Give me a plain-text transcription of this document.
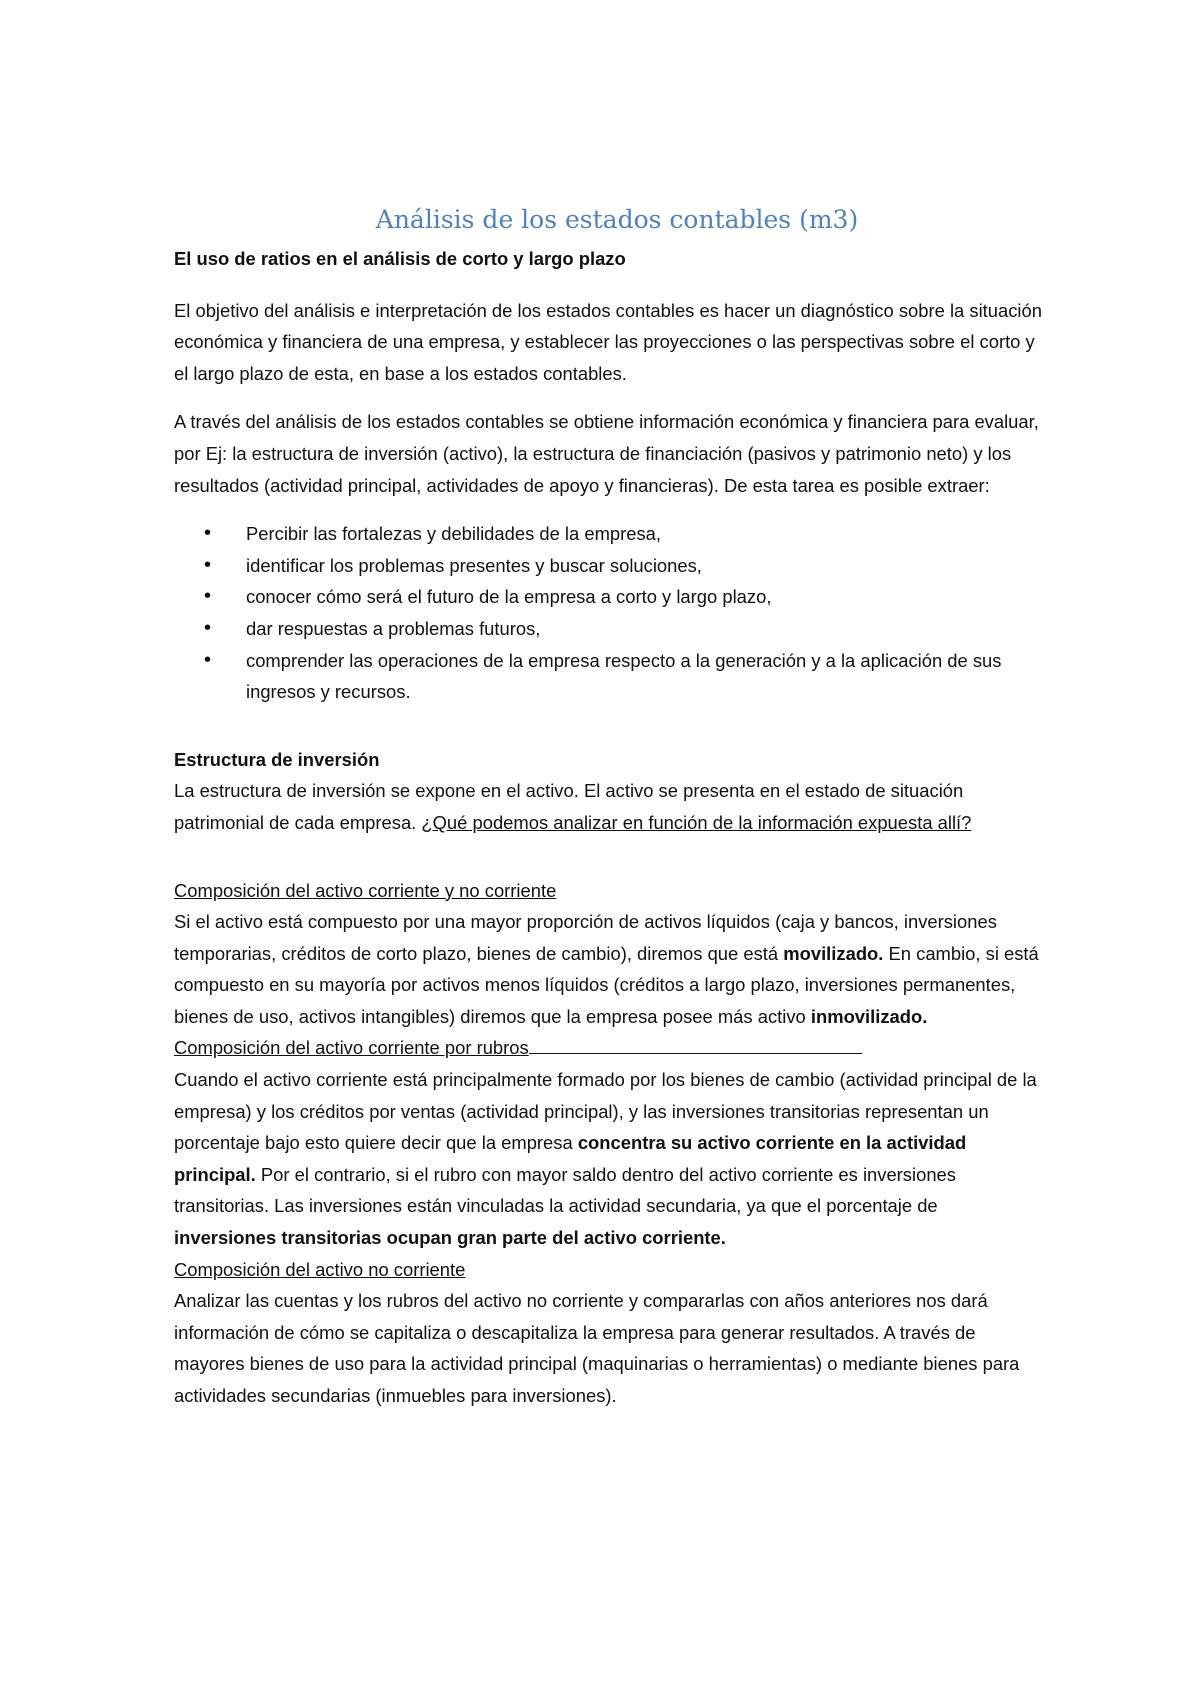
Análisis de los estados contables (m3)
El uso de ratios en el análisis de corto y largo plazo

El objetivo del análisis e interpretación de los estados contables es hacer un diagnóstico sobre la situación económica y financiera de una empresa, y establecer las proyecciones o las perspectivas sobre el corto y el largo plazo de esta, en base a los estados contables.

A través del análisis de los estados contables se obtiene información económica y financiera para evaluar, por Ej: la estructura de inversión (activo), la estructura de financiación (pasivos y patrimonio neto) y los resultados (actividad principal, actividades de apoyo y financieras). De esta tarea es posible extraer:

• Percibir las fortalezas y debilidades de la empresa,
• identificar los problemas presentes y buscar soluciones,
• conocer cómo será el futuro de la empresa a corto y largo plazo,
• dar respuestas a problemas futuros,
• comprender las operaciones de la empresa respecto a la generación y a la aplicación de sus ingresos y recursos.
Estructura de inversión

La estructura de inversión se expone en el activo. El activo se presenta en el estado de situación patrimonial de cada empresa. ¿Qué podemos analizar en función de la información expuesta allí?

Composición del activo corriente y no corriente

Si el activo está compuesto por una mayor proporción de activos líquidos (caja y bancos, inversiones temporarias, créditos de corto plazo, bienes de cambio), diremos que está movilizado. En cambio, si está compuesto en su mayoría por activos menos líquidos (créditos a largo plazo, inversiones permanentes, bienes de uso, activos intangibles) diremos que la empresa posee más activo inmovilizado.

Composición del activo corriente por rubros

Cuando el activo corriente está principalmente formado por los bienes de cambio (actividad principal de la empresa) y los créditos por ventas (actividad principal), y las inversiones transitorias representan un porcentaje bajo esto quiere decir que la empresa concentra su activo corriente en la actividad principal. Por el contrario, si el rubro con mayor saldo dentro del activo corriente es inversiones transitorias. Las inversiones están vinculadas la actividad secundaria, ya que el porcentaje de inversiones transitorias ocupan gran parte del activo corriente.

Composición del activo no corriente

Analizar las cuentas y los rubros del activo no corriente y compararlas con años anteriores nos dará información de cómo se capitaliza o descapitaliza la empresa para generar resultados. A través de mayores bienes de uso para la actividad principal (maquinarias o herramientas) o mediante bienes para actividades secundarias (inmuebles para inversiones).
